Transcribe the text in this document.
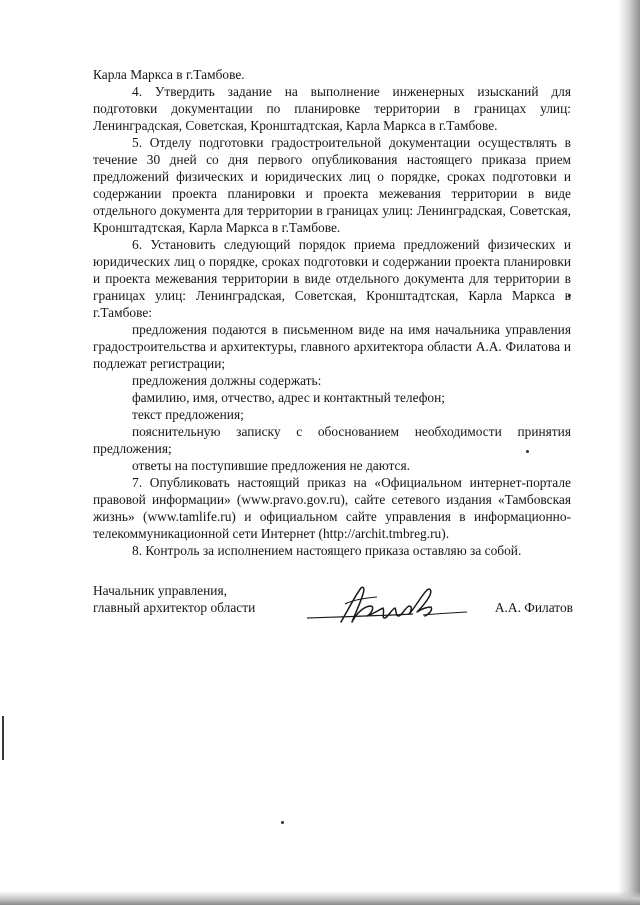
Карла Маркса в г.Тамбове.

4. Утвердить задание на выполнение инженерных изысканий для подготовки документации по планировке территории в границах улиц: Ленинградская, Советская, Кронштадтская, Карла Маркса в г.Тамбове.

5. Отделу подготовки градостроительной документации осуществлять в течение 30 дней со дня первого опубликования настоящего приказа прием предложений физических и юридических лиц о порядке, сроках подготовки и содержании проекта планировки и проекта межевания территории в виде отдельного документа для территории в границах улиц: Ленинградская, Советская, Кронштадтская, Карла Маркса в г.Тамбове.

6. Установить следующий порядок приема предложений физических и юридических лиц о порядке, сроках подготовки и содержании проекта планировки и проекта межевания территории в виде отдельного документа для территории в границах улиц: Ленинградская, Советская, Кронштадтская, Карла Маркса в г.Тамбове:

предложения подаются в письменном виде на имя начальника управления градостроительства и архитектуры, главного архитектора области А.А. Филатова и подлежат регистрации;

предложения должны содержать:

фамилию, имя, отчество, адрес и контактный телефон;

текст предложения;

пояснительную записку с обоснованием необходимости принятия предложения;

ответы на поступившие предложения не даются.

7. Опубликовать настоящий приказ на «Официальном интернет-портале правовой информации» (www.pravo.gov.ru), сайте сетевого издания «Тамбовская жизнь» (www.tamlife.ru) и официальном сайте управления в информационно-телекоммуникационной сети Интернет (http://archit.tmbreg.ru).

8. Контроль за исполнением настоящего приказа оставляю за собой.

Начальник управления,
главный архитектор области	А.А. Филатов
